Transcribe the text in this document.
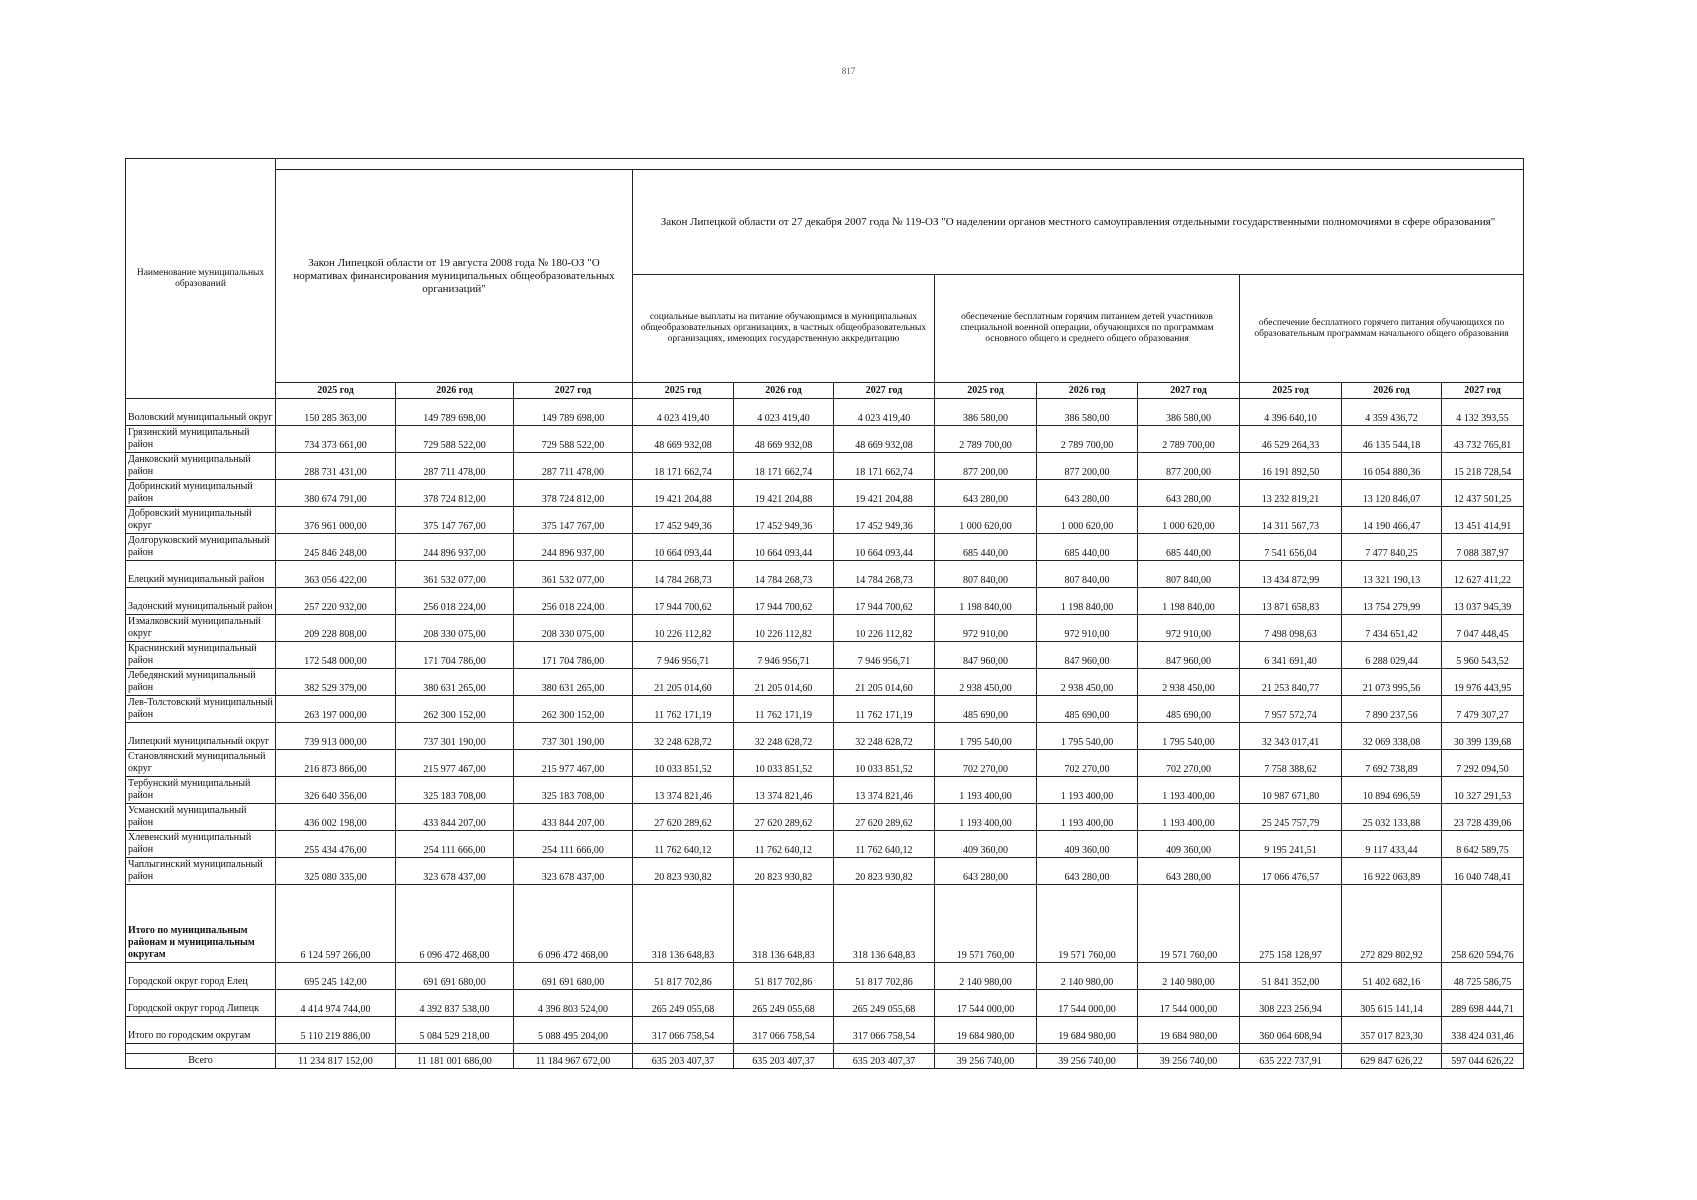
817
Наименование муниципальных образований												
	Закон Липецкой области от 19 августа 2008 года № 180-ОЗ "О нормативах финансирования муниципальных общеобразовательных организаций"			Закон Липецкой области от 27 декабря 2007 года № 119-ОЗ "О наделении органов местного самоуправления отдельными государственными полномочиями в сфере образования"								
				социальные выплаты на питание обучающимся в муниципальных общеобразовательных организациях, в частных общеобразовательных организациях, имеющих государственную аккредитацию			обеспечение бесплатным горячим питанием детей участников специальной военной операции, обучающихся по программам основного общего и среднего общего образования			обеспечение бесплатного горячего питания обучающихся по образовательным программам начального общего образования		
	2025 год	2026 год	2027 год	2025 год	2026 год	2027 год	2025 год	2026 год	2027 год	2025 год	2026 год	2027 год
Воловский муниципальный округ	150 285 363,00	149 789 698,00	149 789 698,00	4 023 419,40	4 023 419,40	4 023 419,40	386 580,00	386 580,00	386 580,00	4 396 640,10	4 359 436,72	4 132 393,55
Грязинский муниципальный район	734 373 661,00	729 588 522,00	729 588 522,00	48 669 932,08	48 669 932,08	48 669 932,08	2 789 700,00	2 789 700,00	2 789 700,00	46 529 264,33	46 135 544,18	43 732 765,81
Данковский муниципальный район	288 731 431,00	287 711 478,00	287 711 478,00	18 171 662,74	18 171 662,74	18 171 662,74	877 200,00	877 200,00	877 200,00	16 191 892,50	16 054 880,36	15 218 728,54
Добринский муниципальный район	380 674 791,00	378 724 812,00	378 724 812,00	19 421 204,88	19 421 204,88	19 421 204,88	643 280,00	643 280,00	643 280,00	13 232 819,21	13 120 846,07	12 437 501,25
Добровский муниципальный округ	376 961 000,00	375 147 767,00	375 147 767,00	17 452 949,36	17 452 949,36	17 452 949,36	1 000 620,00	1 000 620,00	1 000 620,00	14 311 567,73	14 190 466,47	13 451 414,91
Долгоруковский муниципальный район	245 846 248,00	244 896 937,00	244 896 937,00	10 664 093,44	10 664 093,44	10 664 093,44	685 440,00	685 440,00	685 440,00	7 541 656,04	7 477 840,25	7 088 387,97
Елецкий муниципальный район	363 056 422,00	361 532 077,00	361 532 077,00	14 784 268,73	14 784 268,73	14 784 268,73	807 840,00	807 840,00	807 840,00	13 434 872,99	13 321 190,13	12 627 411,22
Задонский муниципальный район	257 220 932,00	256 018 224,00	256 018 224,00	17 944 700,62	17 944 700,62	17 944 700,62	1 198 840,00	1 198 840,00	1 198 840,00	13 871 658,83	13 754 279,99	13 037 945,39
Измалковский муниципальный округ	209 228 808,00	208 330 075,00	208 330 075,00	10 226 112,82	10 226 112,82	10 226 112,82	972 910,00	972 910,00	972 910,00	7 498 098,63	7 434 651,42	7 047 448,45
Краснинский муниципальный район	172 548 000,00	171 704 786,00	171 704 786,00	7 946 956,71	7 946 956,71	7 946 956,71	847 960,00	847 960,00	847 960,00	6 341 691,40	6 288 029,44	5 960 543,52
Лебедянский муниципальный район	382 529 379,00	380 631 265,00	380 631 265,00	21 205 014,60	21 205 014,60	21 205 014,60	2 938 450,00	2 938 450,00	2 938 450,00	21 253 840,77	21 073 995,56	19 976 443,95
Лев-Толстовский муниципальный район	263 197 000,00	262 300 152,00	262 300 152,00	11 762 171,19	11 762 171,19	11 762 171,19	485 690,00	485 690,00	485 690,00	7 957 572,74	7 890 237,56	7 479 307,27
Липецкий муниципальный округ	739 913 000,00	737 301 190,00	737 301 190,00	32 248 628,72	32 248 628,72	32 248 628,72	1 795 540,00	1 795 540,00	1 795 540,00	32 343 017,41	32 069 338,08	30 399 139,68
Становлянский муниципальный округ	216 873 866,00	215 977 467,00	215 977 467,00	10 033 851,52	10 033 851,52	10 033 851,52	702 270,00	702 270,00	702 270,00	7 758 388,62	7 692 738,89	7 292 094,50
Тербунский муниципальный район	326 640 356,00	325 183 708,00	325 183 708,00	13 374 821,46	13 374 821,46	13 374 821,46	1 193 400,00	1 193 400,00	1 193 400,00	10 987 671,80	10 894 696,59	10 327 291,53
Усманский муниципальный район	436 002 198,00	433 844 207,00	433 844 207,00	27 620 289,62	27 620 289,62	27 620 289,62	1 193 400,00	1 193 400,00	1 193 400,00	25 245 757,79	25 032 133,88	23 728 439,06
Хлевенский муниципальный район	255 434 476,00	254 111 666,00	254 111 666,00	11 762 640,12	11 762 640,12	11 762 640,12	409 360,00	409 360,00	409 360,00	9 195 241,51	9 117 433,44	8 642 589,75
Чаплыгинский муниципальный район	325 080 335,00	323 678 437,00	323 678 437,00	20 823 930,82	20 823 930,82	20 823 930,82	643 280,00	643 280,00	643 280,00	17 066 476,57	16 922 063,89	16 040 748,41
Итого по муниципальным районам и муниципальным округам	6 124 597 266,00	6 096 472 468,00	6 096 472 468,00	318 136 648,83	318 136 648,83	318 136 648,83	19 571 760,00	19 571 760,00	19 571 760,00	275 158 128,97	272 829 802,92	258 620 594,76
Городской округ город Елец	695 245 142,00	691 691 680,00	691 691 680,00	51 817 702,86	51 817 702,86	51 817 702,86	2 140 980,00	2 140 980,00	2 140 980,00	51 841 352,00	51 402 682,16	48 725 586,75
Городской округ город Липецк	4 414 974 744,00	4 392 837 538,00	4 396 803 524,00	265 249 055,68	265 249 055,68	265 249 055,68	17 544 000,00	17 544 000,00	17 544 000,00	308 223 256,94	305 615 141,14	289 698 444,71
Итого по городским округам	5 110 219 886,00	5 084 529 218,00	5 088 495 204,00	317 066 758,54	317 066 758,54	317 066 758,54	19 684 980,00	19 684 980,00	19 684 980,00	360 064 608,94	357 017 823,30	338 424 031,46

Всего	11 234 817 152,00	11 181 001 686,00	11 184 967 672,00	635 203 407,37	635 203 407,37	635 203 407,37	39 256 740,00	39 256 740,00	39 256 740,00	635 222 737,91	629 847 626,22	597 044 626,22
